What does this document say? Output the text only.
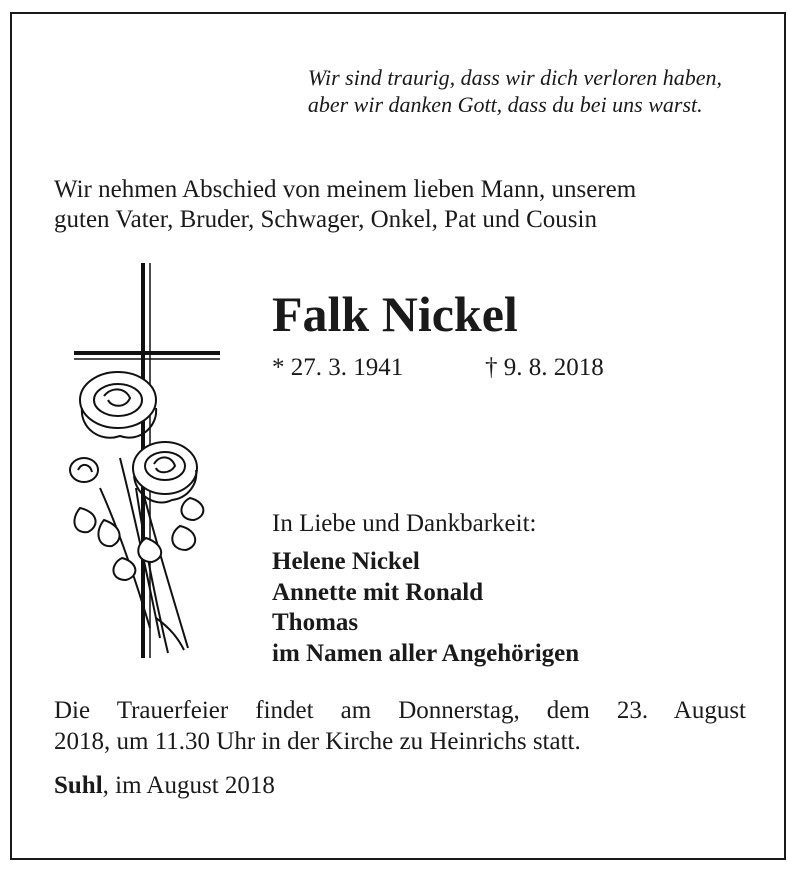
Wir sind traurig, dass wir dich verloren haben,
aber wir danken Gott, dass du bei uns warst.
Wir nehmen Abschied von meinem lieben Mann, unserem
guten Vater, Bruder, Schwager, Onkel, Pat und Cousin
Falk Nickel
* 27. 3. 1941	† 9. 8. 2018
In Liebe und Dankbarkeit:
Helene Nickel
Annette mit Ronald
Thomas
im Namen aller Angehörigen
Die Trauerfeier findet am Donnerstag, dem 23. August
2018, um 11.30 Uhr in der Kirche zu Heinrichs statt.
Suhl, im August 2018
